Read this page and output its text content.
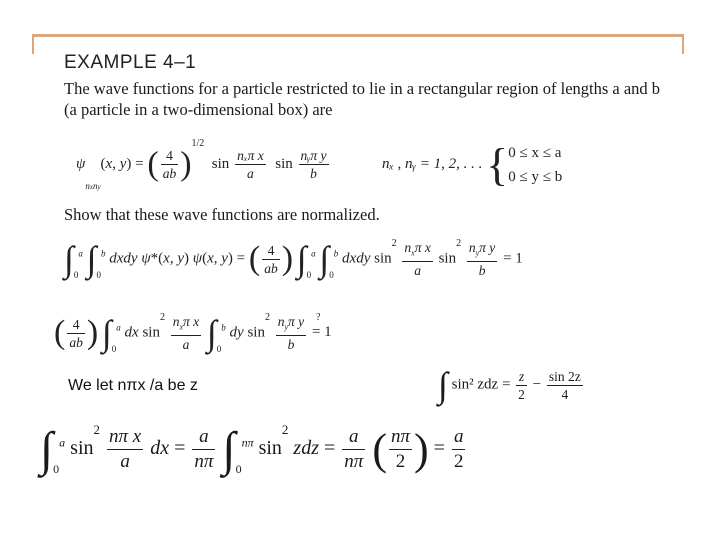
EXAMPLE 4–1
The wave functions for a particle restricted to lie in a rectangular region of lengths a and b (a particle in a two-dimensional box) are
ψnxny(x, y) = ( $\frac{4}{ab} )^{1/2}$  $\sin \frac{\text{nₓπ x}}{a}$ $\sin \frac{\text{nᵧπ y}}{b}$	nₓ , nᵧ = 1, 2, . . . { 0 ≤ x ≤ a
0 ≤ y ≤ b
Show that these wave functions are normalized.
∫0$^a$ ∫0$^b$ dxdy ψ*(x, y) ψ(x, y) = ( $\frac{4}{ab}$ ) ∫0$^a$ ∫0$^b$ dxdy $\sin^2 \frac{n_x\pi x}{a} \sin^2 \frac{n_y\pi y}{b} = 1$
( $\frac{4}{ab}$ ) ∫0$^a$ dx $\sin^2 \frac{n_x\pi x}{a} \int 0^b$ dy $\sin^2 \frac{n_y\pi y}{b}$
?
= 1
We let nπx /a be z	∫ sin² zdz = $\frac{z}{2} - \frac{\sin 2z}{4}$
∫0$^a$ $\sin^2 \frac{\text{nπ x}}{a}$ dx = $\frac{a}{n\pi} \int 0^{n\pi}$ $\sin^2$ zdz = $\frac{a}{n\pi}$ ( $\frac{n\pi}{2}$ ) = $\frac{a}{2}$
